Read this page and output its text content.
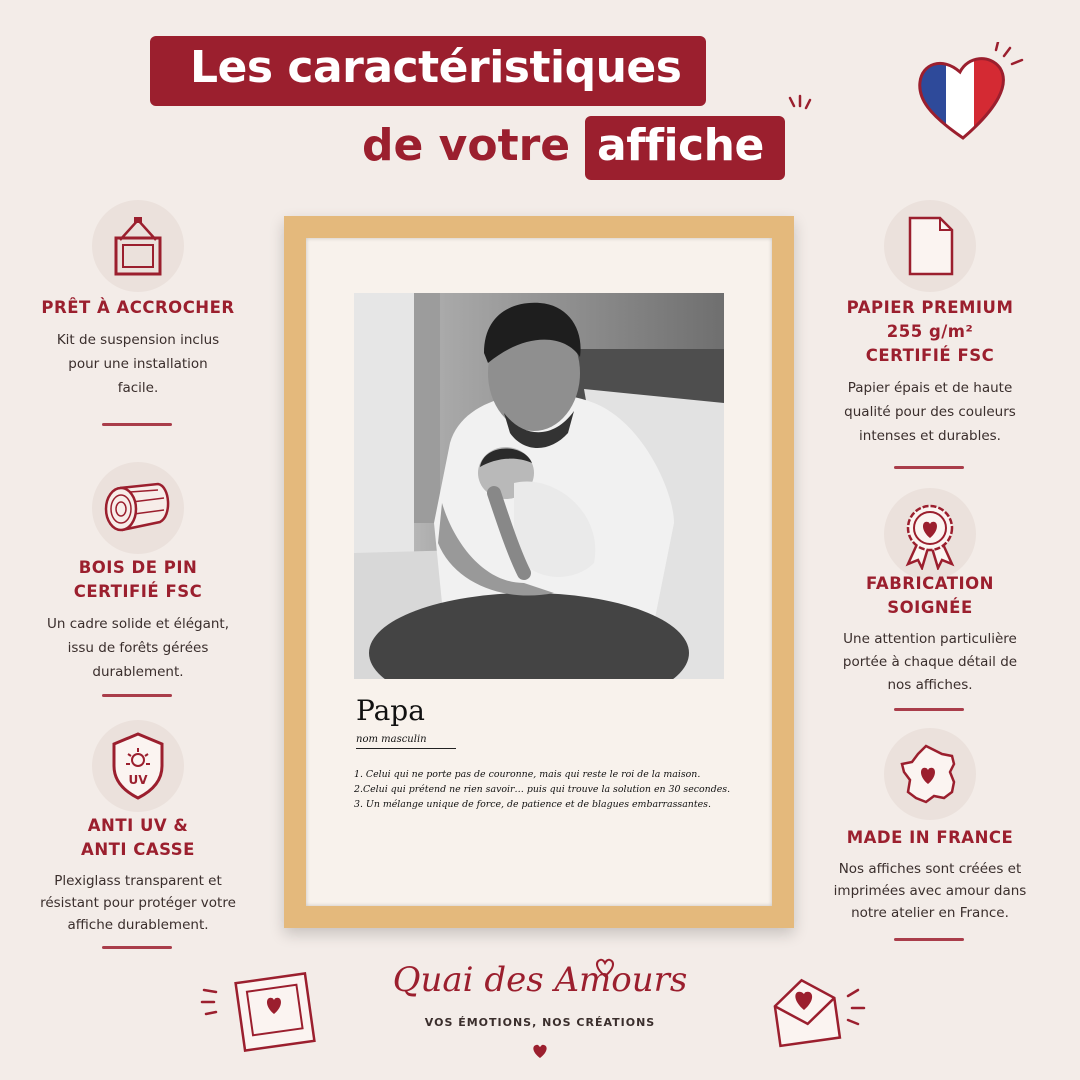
Les caractéristiques
de votre affiche
PRÊT À ACCROCHER

Kit de suspension inclus pour une installation facile.

BOIS DE PIN CERTIFIÉ FSC

Un cadre solide et élégant, issu de forêts gérées durablement.

UV
ANTI UV & ANTI CASSE

Plexiglass transparent et résistant pour protéger votre affiche durablement.

PAPIER PREMIUM 255 g/m² CERTIFIÉ FSC

Papier épais et de haute qualité pour des couleurs intenses et durables.

FABRICATION SOIGNÉE

Une attention particulière portée à chaque détail de nos affiches.

MADE IN FRANCE

Nos affiches sont créées et imprimées avec amour dans notre atelier en France.

Papa
nom masculin
1. Celui qui ne porte pas de couronne, mais qui reste le roi de la maison.
2.Celui qui prétend ne rien savoir… puis qui trouve la solution en 30 secondes.
3. Un mélange unique de force, de patience et de blagues embarrassantes.
Quai des Amours
VOS ÉMOTIONS, NOS CRÉATIONS
